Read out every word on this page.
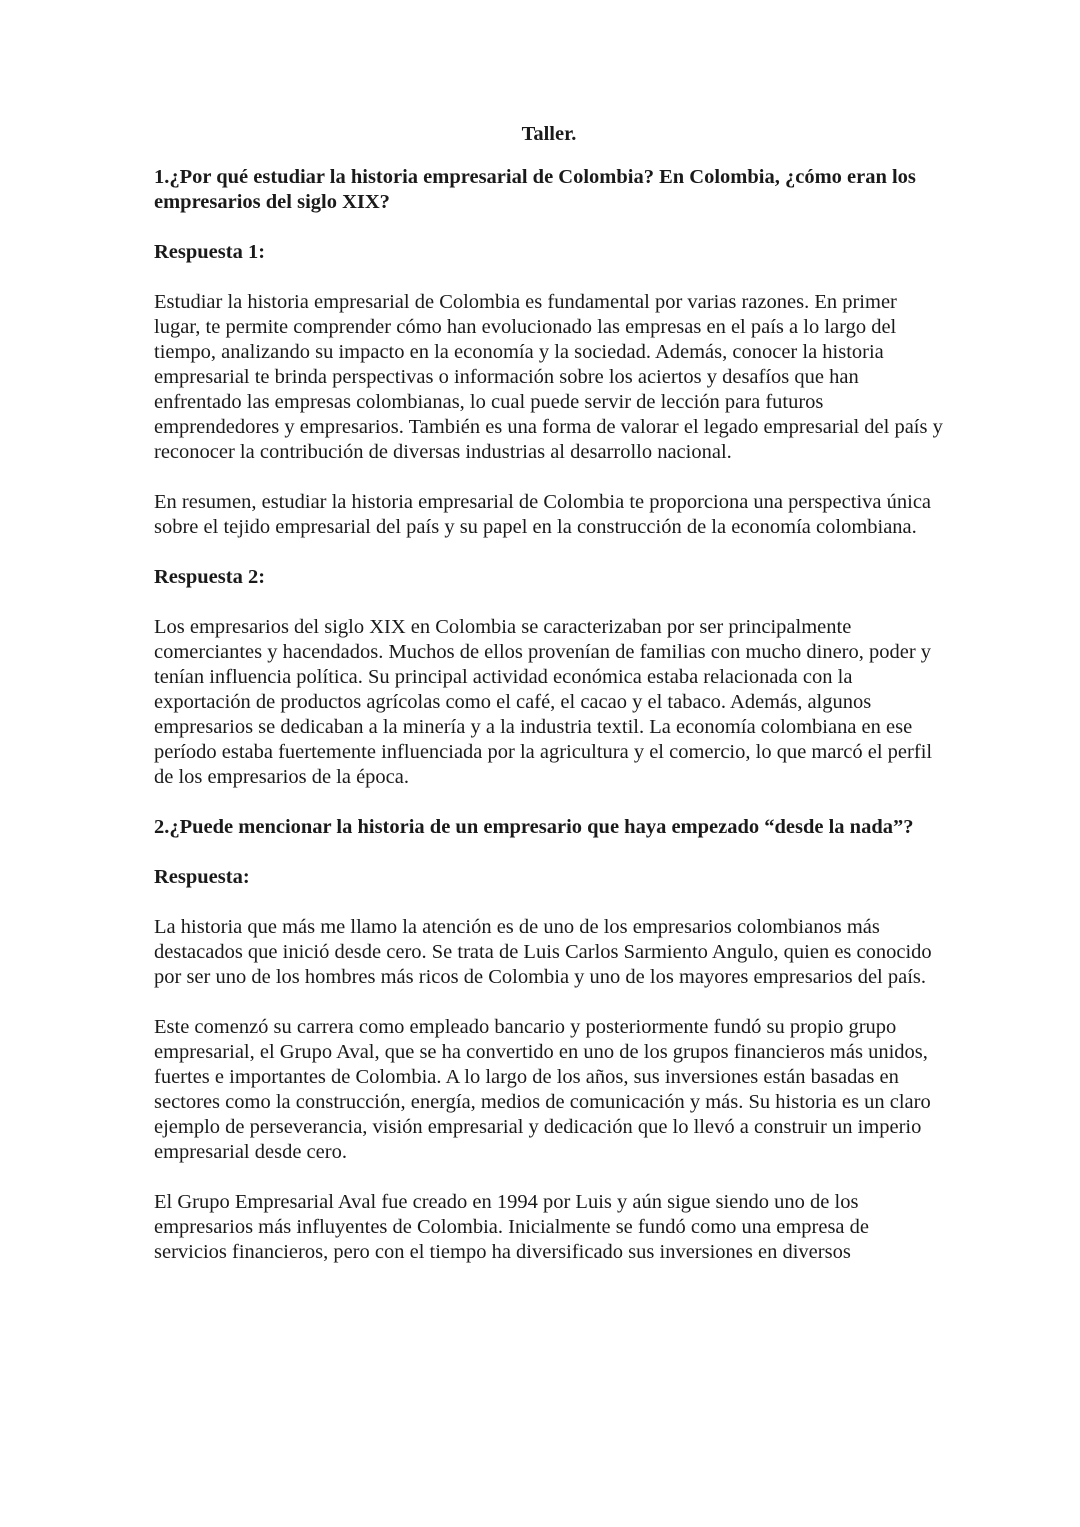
Taller.
1.¿Por qué estudiar la historia empresarial de Colombia? En Colombia, ¿cómo eran los empresarios del siglo XIX?
Respuesta 1:
Estudiar la historia empresarial de Colombia es fundamental por varias razones. En primer lugar, te permite comprender cómo han evolucionado las empresas en el país a lo largo del tiempo, analizando su impacto en la economía y la sociedad. Además, conocer la historia empresarial te brinda perspectivas o información sobre los aciertos y desafíos que han enfrentado las empresas colombianas, lo cual puede servir de lección para futuros emprendedores y empresarios. También es una forma de valorar el legado empresarial del país y reconocer la contribución de diversas industrias al desarrollo nacional.
En resumen, estudiar la historia empresarial de Colombia te proporciona una perspectiva única sobre el tejido empresarial del país y su papel en la construcción de la economía colombiana.
Respuesta 2:
Los empresarios del siglo XIX en Colombia se caracterizaban por ser principalmente comerciantes y hacendados. Muchos de ellos provenían de familias con mucho dinero, poder y tenían influencia política. Su principal actividad económica estaba relacionada con la exportación de productos agrícolas como el café, el cacao y el tabaco. Además, algunos empresarios se dedicaban a la minería y a la industria textil. La economía colombiana en ese período estaba fuertemente influenciada por la agricultura y el comercio, lo que marcó el perfil de los empresarios de la época.
2.¿Puede mencionar la historia de un empresario que haya empezado “desde la nada”?
Respuesta:
La historia que más me llamo la atención es de uno de los empresarios colombianos más destacados que inició desde cero. Se trata de Luis Carlos Sarmiento Angulo, quien es conocido por ser uno de los hombres más ricos de Colombia y uno de los mayores empresarios del país.
Este comenzó su carrera como empleado bancario y posteriormente fundó su propio grupo empresarial, el Grupo Aval, que se ha convertido en uno de los grupos financieros más unidos, fuertes e importantes de Colombia. A lo largo de los años, sus inversiones están basadas en sectores como la construcción, energía, medios de comunicación y más. Su historia es un claro ejemplo de perseverancia, visión empresarial y dedicación que lo llevó a construir un imperio empresarial desde cero.
El Grupo Empresarial Aval fue creado en 1994 por Luis y aún sigue siendo uno de los empresarios más influyentes de Colombia. Inicialmente se fundó como una empresa de servicios financieros, pero con el tiempo ha diversificado sus inversiones en diversos
